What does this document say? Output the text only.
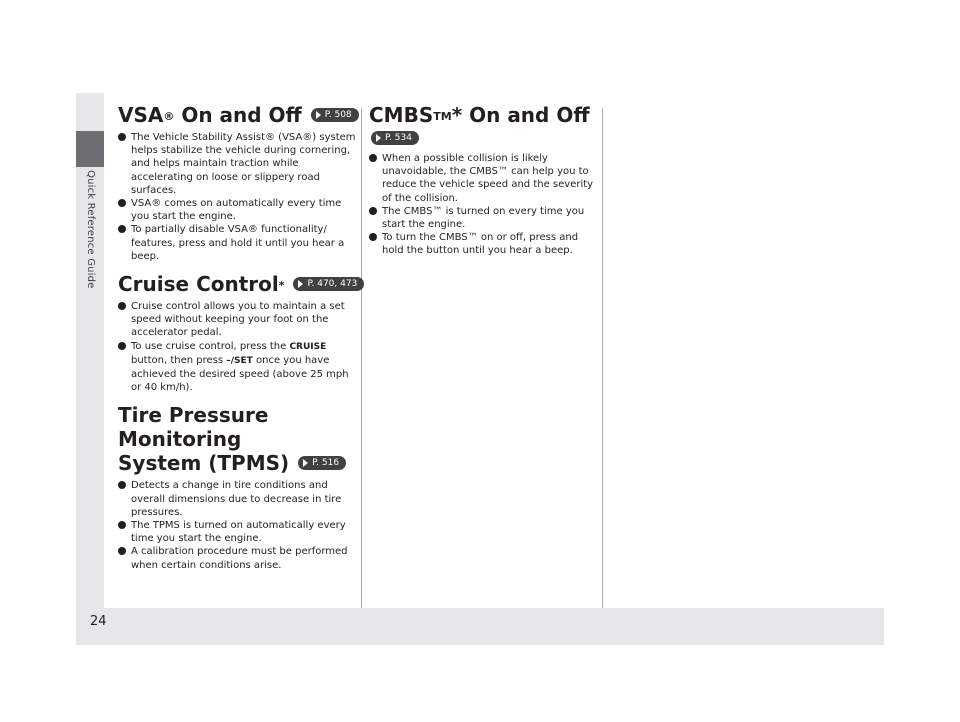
Quick Reference Guide
24
VSA® On and Off	P. 508
The Vehicle Stability Assist® (VSA®) system helps stabilize the vehicle during cornering, and helps maintain traction while accelerating on loose or slippery road surfaces.
VSA® comes on automatically every time you start the engine.
To partially disable VSA® functionality/ features, press and hold it until you hear a beep.
Cruise Control*	P. 470, 473
Cruise control allows you to maintain a set speed without keeping your foot on the accelerator pedal.
To use cruise control, press the CRUISE button, then press –/SET once you have achieved the desired speed (above 25 mph or 40 km/h).
Tire Pressure Monitoring
System (TPMS)	P. 516
Detects a change in tire conditions and overall dimensions due to decrease in tire pressures.
The TPMS is turned on automatically every time you start the engine.
A calibration procedure must be performed when certain conditions arise.
CMBS™* On and Off
P. 534
When a possible collision is likely unavoidable, the CMBS™ can help you to reduce the vehicle speed and the severity of the collision.
The CMBS™ is turned on every time you start the engine.
To turn the CMBS™ on or off, press and hold the button until you hear a beep.
